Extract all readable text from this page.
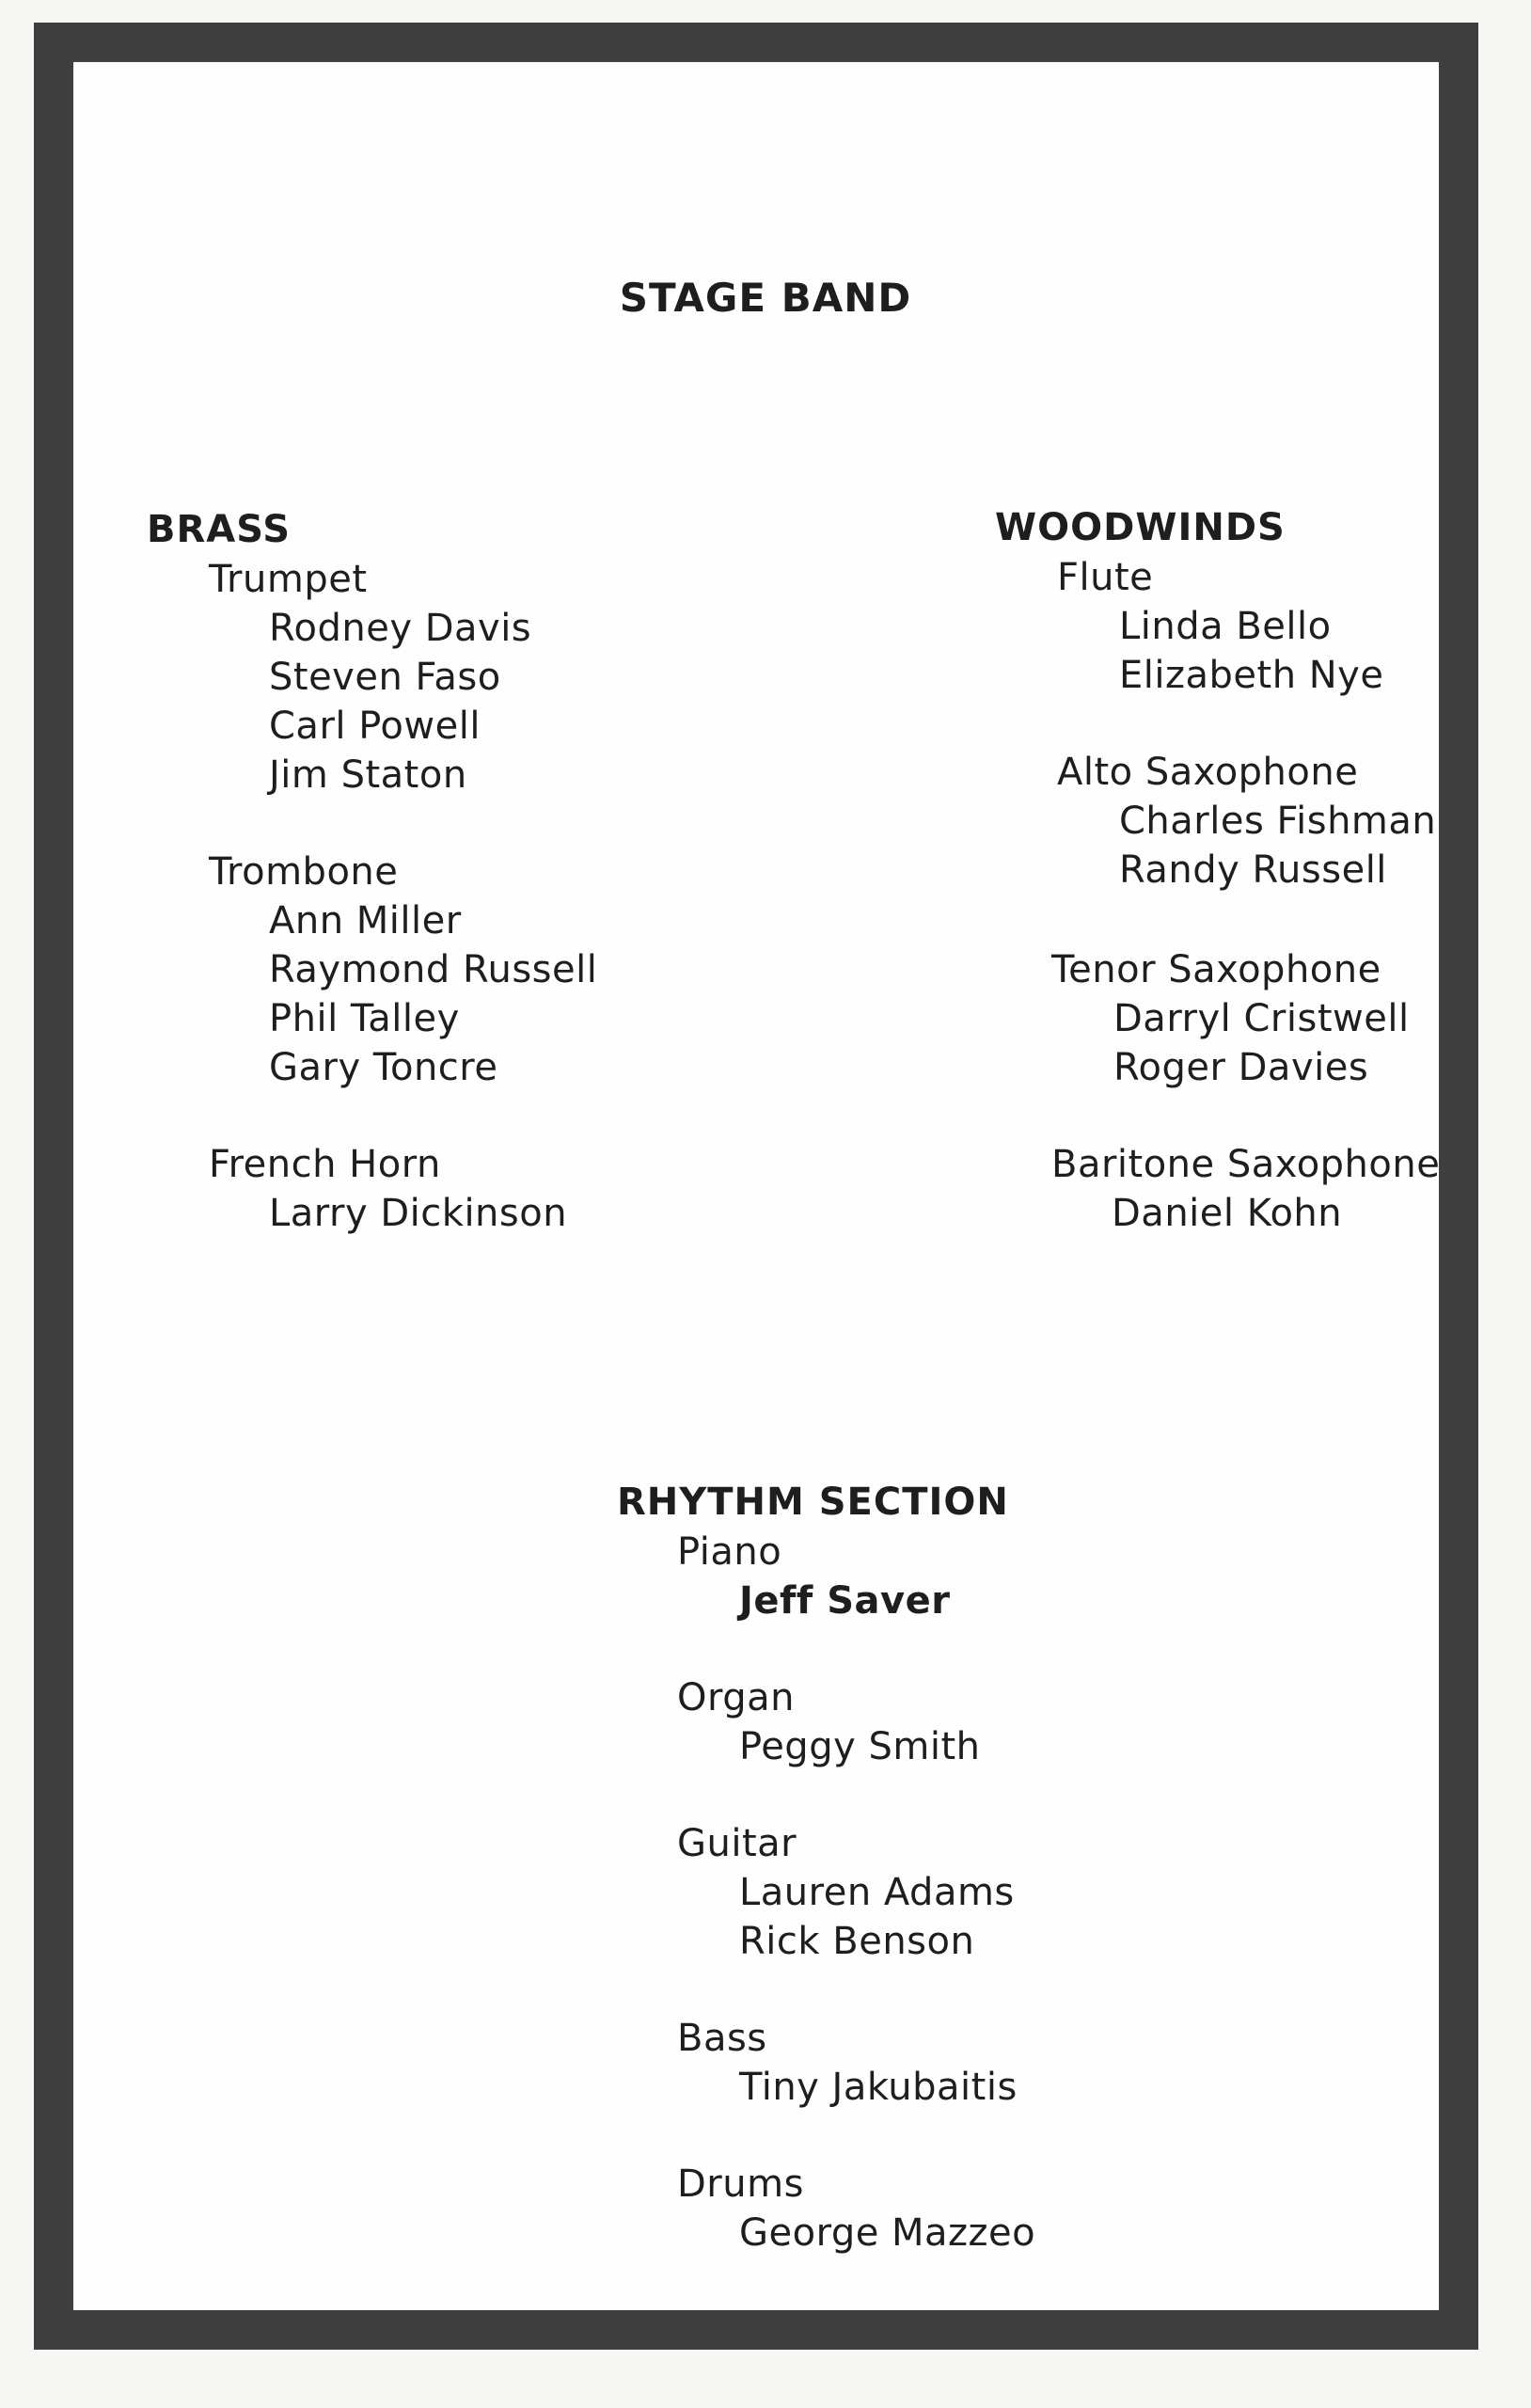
STAGE BAND
BRASS
Trumpet
Rodney Davis
Steven Faso
Carl Powell
Jim Staton
Trombone
Ann Miller
Raymond Russell
Phil Talley
Gary Toncre
French Horn
Larry Dickinson
WOODWINDS
Flute
Linda Bello
Elizabeth Nye
Alto Saxophone
Charles Fishman
Randy Russell
Tenor Saxophone
Darryl Cristwell
Roger Davies
Baritone Saxophone
Daniel Kohn
RHYTHM SECTION
Piano
Jeff Saver
Organ
Peggy Smith
Guitar
Lauren Adams
Rick Benson
Bass
Tiny Jakubaitis
Drums
George Mazzeo
